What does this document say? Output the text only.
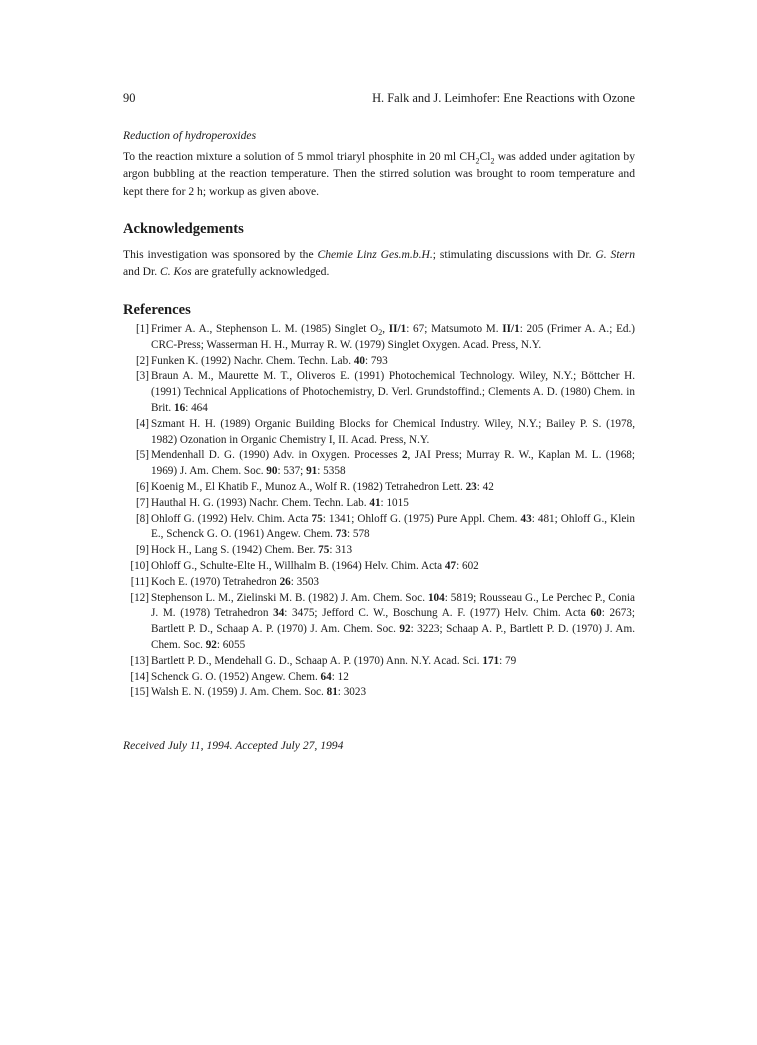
90	H. Falk and J. Leimhofer: Ene Reactions with Ozone
Reduction of hydroperoxides

To the reaction mixture a solution of 5 mmol triaryl phosphite in 20 ml $CH_2Cl_2$ was added under agitation by argon bubbling at the reaction temperature. Then the stirred solution was brought to room temperature and kept there for 2 h; workup as given above.

Acknowledgements

This investigation was sponsored by the Chemie Linz Ges.m.b.H.; stimulating discussions with Dr. G. Stern and Dr. C. Kos are gratefully acknowledged.

References

[1] Frimer A. A., Stephenson L. M. (1985) Singlet $O_2$, II/1: 67; Matsumoto M. II/1: 205 (Frimer A. A.; Ed.) CRC-Press; Wasserman H. H., Murray R. W. (1979) Singlet Oxygen. Acad. Press, N.Y.

[2] Funken K. (1992) Nachr. Chem. Techn. Lab. 40: 793

[3] Braun A. M., Maurette M. T., Oliveros E. (1991) Photochemical Technology. Wiley, N.Y.; Böttcher H. (1991) Technical Applications of Photochemistry, D. Verl. Grundstoffind.; Clements A. D. (1980) Chem. in Brit. 16: 464

[4] Szmant H. H. (1989) Organic Building Blocks for Chemical Industry. Wiley, N.Y.; Bailey P. S. (1978, 1982) Ozonation in Organic Chemistry I, II. Acad. Press, N.Y.

[5] Mendenhall D. G. (1990) Adv. in Oxygen. Processes 2, JAI Press; Murray R. W., Kaplan M. L. (1968; 1969) J. Am. Chem. Soc. 90: 537; 91: 5358

[6] Koenig M., El Khatib F., Munoz A., Wolf R. (1982) Tetrahedron Lett. 23: 42

[7] Hauthal H. G. (1993) Nachr. Chem. Techn. Lab. 41: 1015

[8] Ohloff G. (1992) Helv. Chim. Acta 75: 1341; Ohloff G. (1975) Pure Appl. Chem. 43: 481; Ohloff G., Klein E., Schenck G. O. (1961) Angew. Chem. 73: 578

[9] Hock H., Lang S. (1942) Chem. Ber. 75: 313

[10] Ohloff G., Schulte-Elte H., Willhalm B. (1964) Helv. Chim. Acta 47: 602

[11] Koch E. (1970) Tetrahedron 26: 3503

[12] Stephenson L. M., Zielinski M. B. (1982) J. Am. Chem. Soc. 104: 5819; Rousseau G., Le Perchec P., Conia J. M. (1978) Tetrahedron 34: 3475; Jefford C. W., Boschung A. F. (1977) Helv. Chim. Acta 60: 2673; Bartlett P. D., Schaap A. P. (1970) J. Am. Chem. Soc. 92: 3223; Schaap A. P., Bartlett P. D. (1970) J. Am. Chem. Soc. 92: 6055

[13] Bartlett P. D., Mendehall G. D., Schaap A. P. (1970) Ann. N.Y. Acad. Sci. 171: 79

[14] Schenck G. O. (1952) Angew. Chem. 64: 12

[15] Walsh E. N. (1959) J. Am. Chem. Soc. 81: 3023

Received July 11, 1994. Accepted July 27, 1994
